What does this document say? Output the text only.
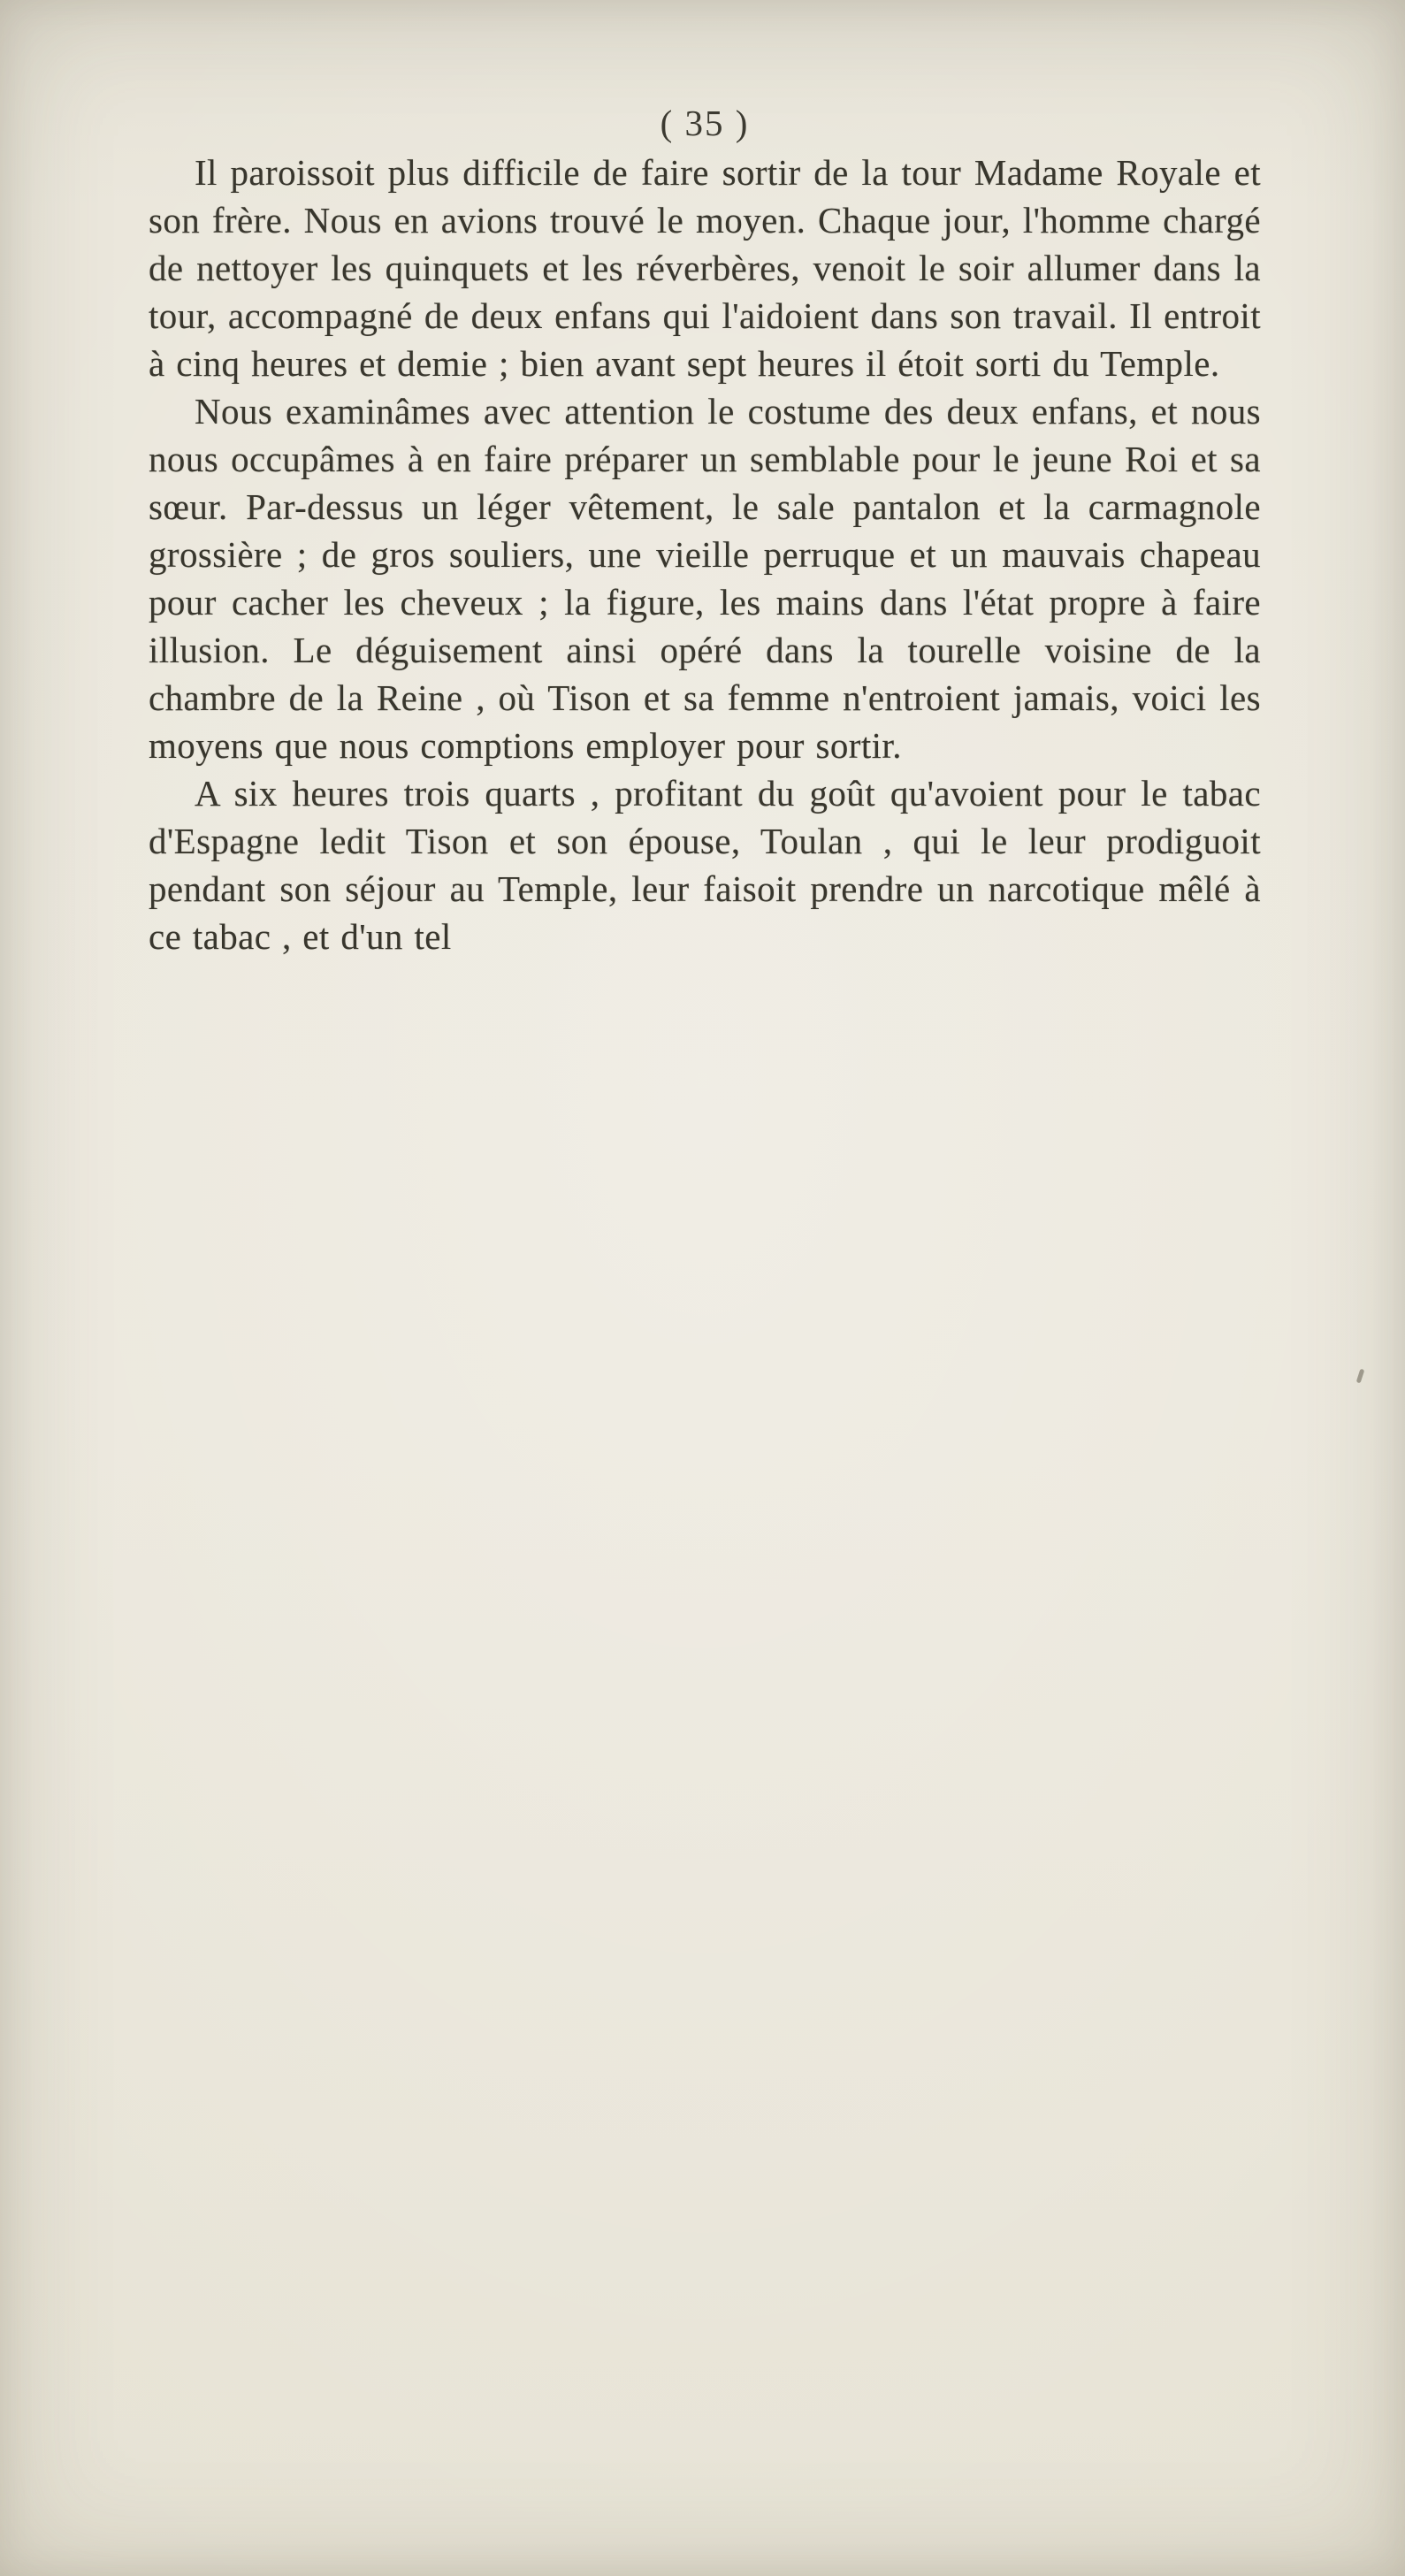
( 35 )

Il paroissoit plus difficile de faire sortir de la tour Madame Royale et son frère. Nous en avions trouvé le moyen. Chaque jour, l'homme chargé de nettoyer les quinquets et les réverbères, venoit le soir allumer dans la tour, accompagné de deux enfans qui l'aidoient dans son travail. Il entroit à cinq heures et demie ; bien avant sept heures il étoit sorti du Temple.

Nous examinâmes avec attention le costume des deux enfans, et nous nous occupâmes à en faire préparer un semblable pour le jeune Roi et sa sœur. Par-dessus un léger vêtement, le sale pantalon et la carmagnole grossière ; de gros souliers, une vieille perruque et un mauvais chapeau pour cacher les cheveux ; la figure, les mains dans l'état propre à faire illusion. Le déguisement ainsi opéré dans la tourelle voisine de la chambre de la Reine , où Tison et sa femme n'entroient jamais, voici les moyens que nous comptions employer pour sortir.

A six heures trois quarts , profitant du goût qu'avoient pour le tabac d'Espagne ledit Tison et son épouse, Toulan , qui le leur prodiguoit pendant son séjour au Temple, leur faisoit prendre un narcotique mêlé à ce tabac , et d'un tel
